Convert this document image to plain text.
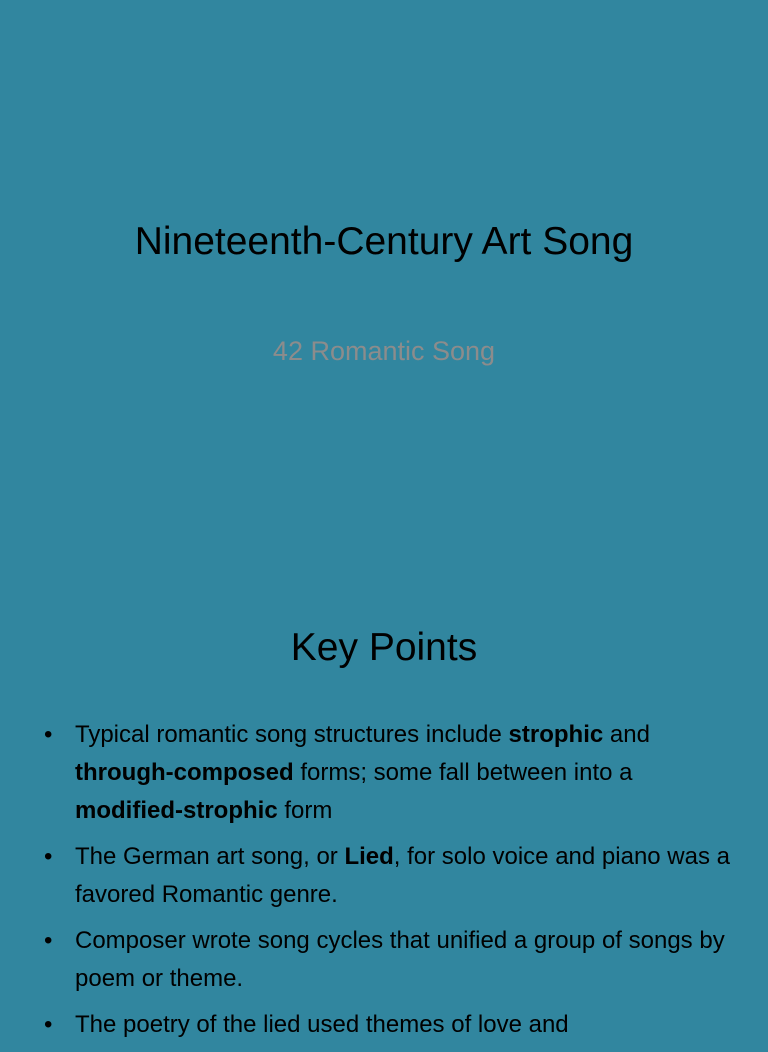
Nineteenth-Century Art Song
42 Romantic Song
Key Points
• Typical romantic song structures include strophic and through-composed forms; some fall between into a modified-strophic form
• The German art song, or Lied, for solo voice and piano was a favored Romantic genre.
• Composer wrote song cycles that unified a group of songs by poem or theme.
• The poetry of the lied used themes of love and
